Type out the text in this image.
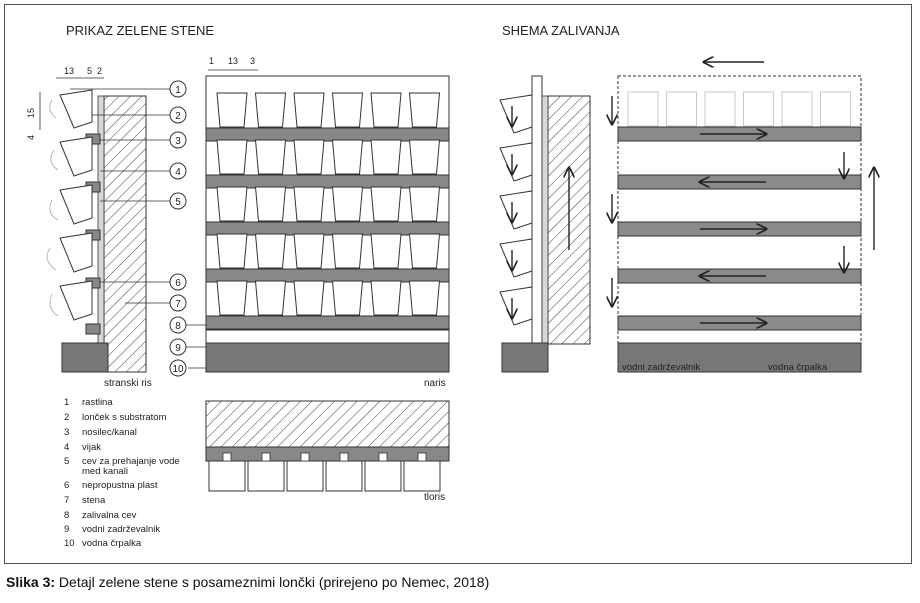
PRIKAZ ZELENE STENE	SHEMA ZALIVANJA
13 5 2
15
4
1
2
3
4
5
6
7
8
9
10
stranski ris
1 13 3
naris
tloris
1 rastlina
2 lonček s substratom
3 nosilec/kanal
4 vijak
5 cev za prehajanje vode
med kanali
6 nepropustna plast
7 stena
8 zalivalna cev
9 vodni zadrževalnik
10 vodna črpalka
vodni zadrževalnik	vodna črpalka
Slika 3: Detajl zelene stene s posameznimi lončki (prirejeno po Nemec, 2018)
